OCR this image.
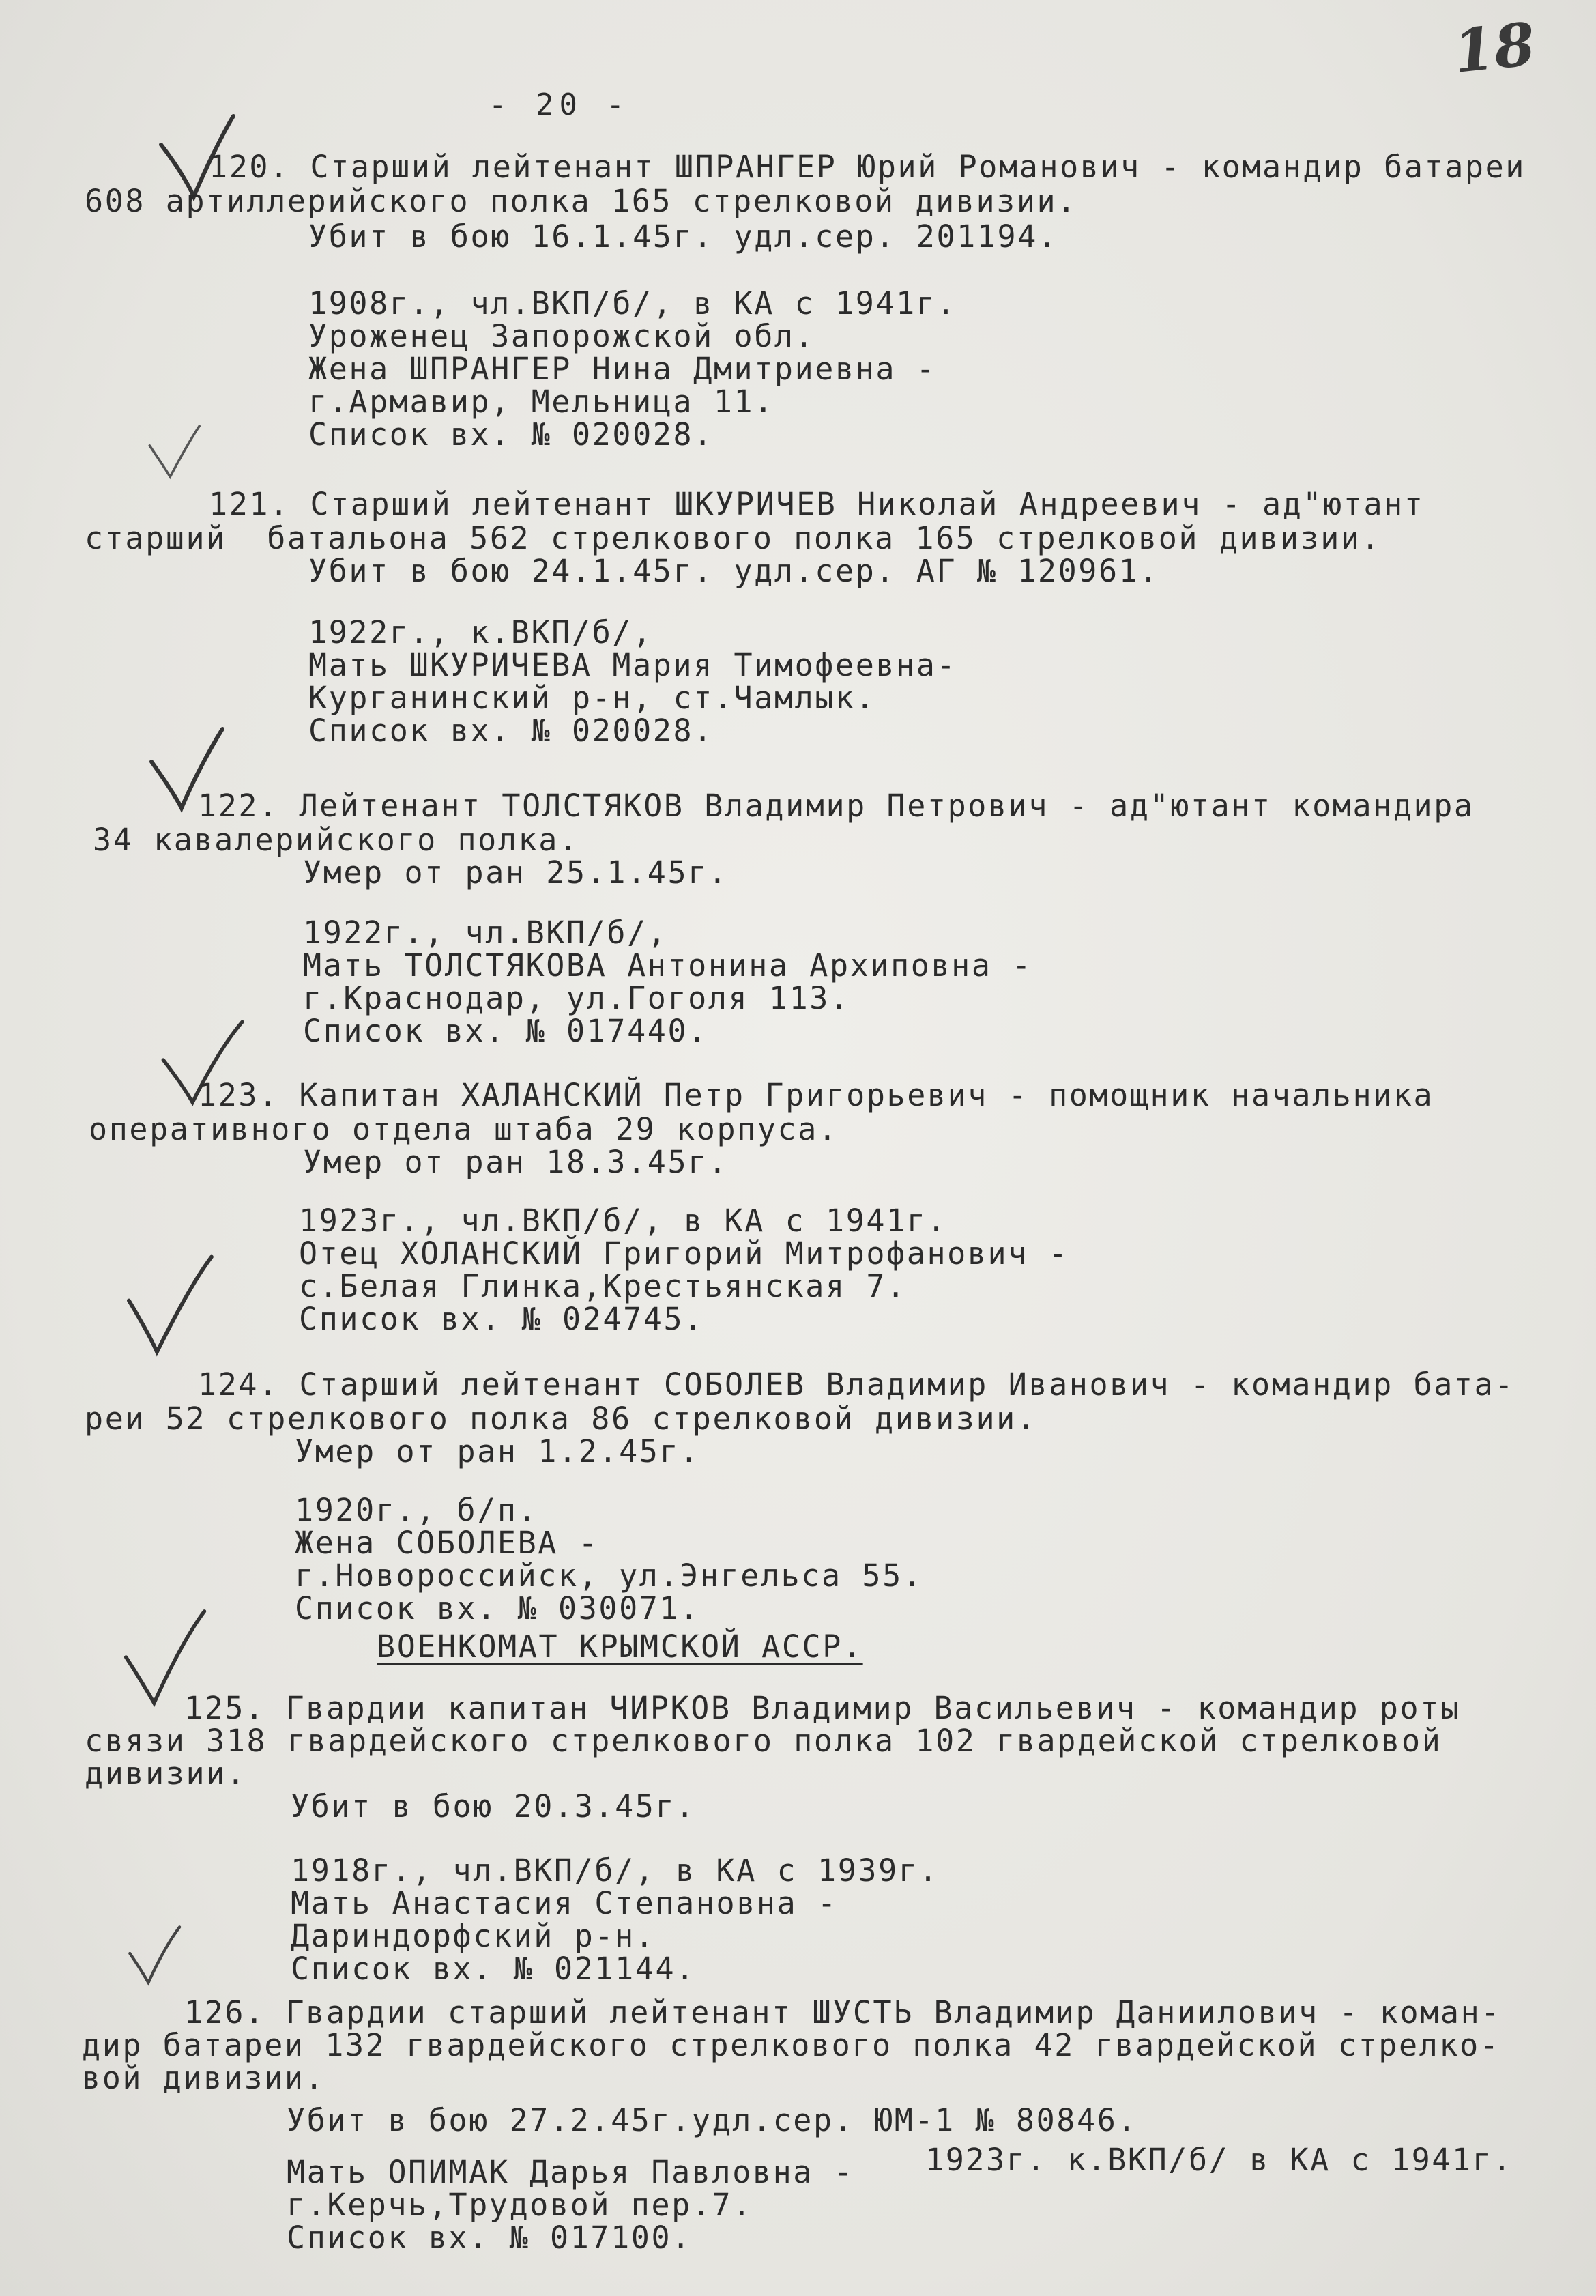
18
- 20 -
120. Старший лейтенант ШПРАНГЕР Юрий Романович - командир батареи
608 артиллерийского полка 165 стрелковой дивизии.
Убит в бою 16.1.45г. удл.сер. 201194.
1908г., чл.ВКП/б/, в КА с 1941г.
Уроженец Запорожской обл.
Жена ШПРАНГЕР Нина Дмитриевна -
г.Армавир, Мельница 11.
Список вх. № 020028.
121. Старший лейтенант ШКУРИЧЕВ Николай Андреевич - ад"ютант
старший  батальона 562 стрелкового полка 165 стрелковой дивизии.
Убит в бою 24.1.45г. удл.сер. АГ № 120961.
1922г., к.ВКП/б/,
Мать ШКУРИЧЕВА Мария Тимофеевна-
Курганинский р-н, ст.Чамлык.
Список вх. № 020028.
122. Лейтенант ТОЛСТЯКОВ Владимир Петрович - ад"ютант командира
34 кавалерийского полка.
Умер от ран 25.1.45г.
1922г., чл.ВКП/б/,
Мать ТОЛСТЯКОВА Антонина Архиповна -
г.Краснодар, ул.Гоголя 113.
Список вх. № 017440.
123. Капитан ХАЛАНСКИЙ Петр Григорьевич - помощник начальника
оперативного отдела штаба 29 корпуса.
Умер от ран 18.3.45г.
1923г., чл.ВКП/б/, в КА с 1941г.
Отец ХОЛАНСКИЙ Григорий Митрофанович -
с.Белая Глинка,Крестьянская 7.
Список вх. № 024745.
124. Старший лейтенант СОБОЛЕВ Владимир Иванович - командир бата-
реи 52 стрелкового полка 86 стрелковой дивизии.
Умер от ран 1.2.45г.
1920г., б/п.
Жена СОБОЛЕВА -
г.Новороссийск, ул.Энгельса 55.
Список вх. № 030071.
ВОЕНКОМАТ КРЫМСКОЙ АССР.
125. Гвардии капитан ЧИРКОВ Владимир Васильевич - командир роты
связи 318 гвардейского стрелкового полка 102 гвардейской стрелковой
дивизии.
Убит в бою 20.3.45г.
1918г., чл.ВКП/б/, в КА с 1939г.
Мать Анастасия Степановна -
Дариндорфский р-н.
Список вх. № 021144.
126. Гвардии старший лейтенант ШУСТЬ Владимир Даниилович - коман-
дир батареи 132 гвардейского стрелкового полка 42 гвардейской стрелко-
вой дивизии.
Убит в бою 27.2.45г.удл.сер. ЮМ-1 № 80846.
Мать ОПИМАК Дарья Павловна - 1923г. к.ВКП/б/ в КА с 1941г.
г.Керчь,Трудовой пер.7.
Список вх. № 017100.
